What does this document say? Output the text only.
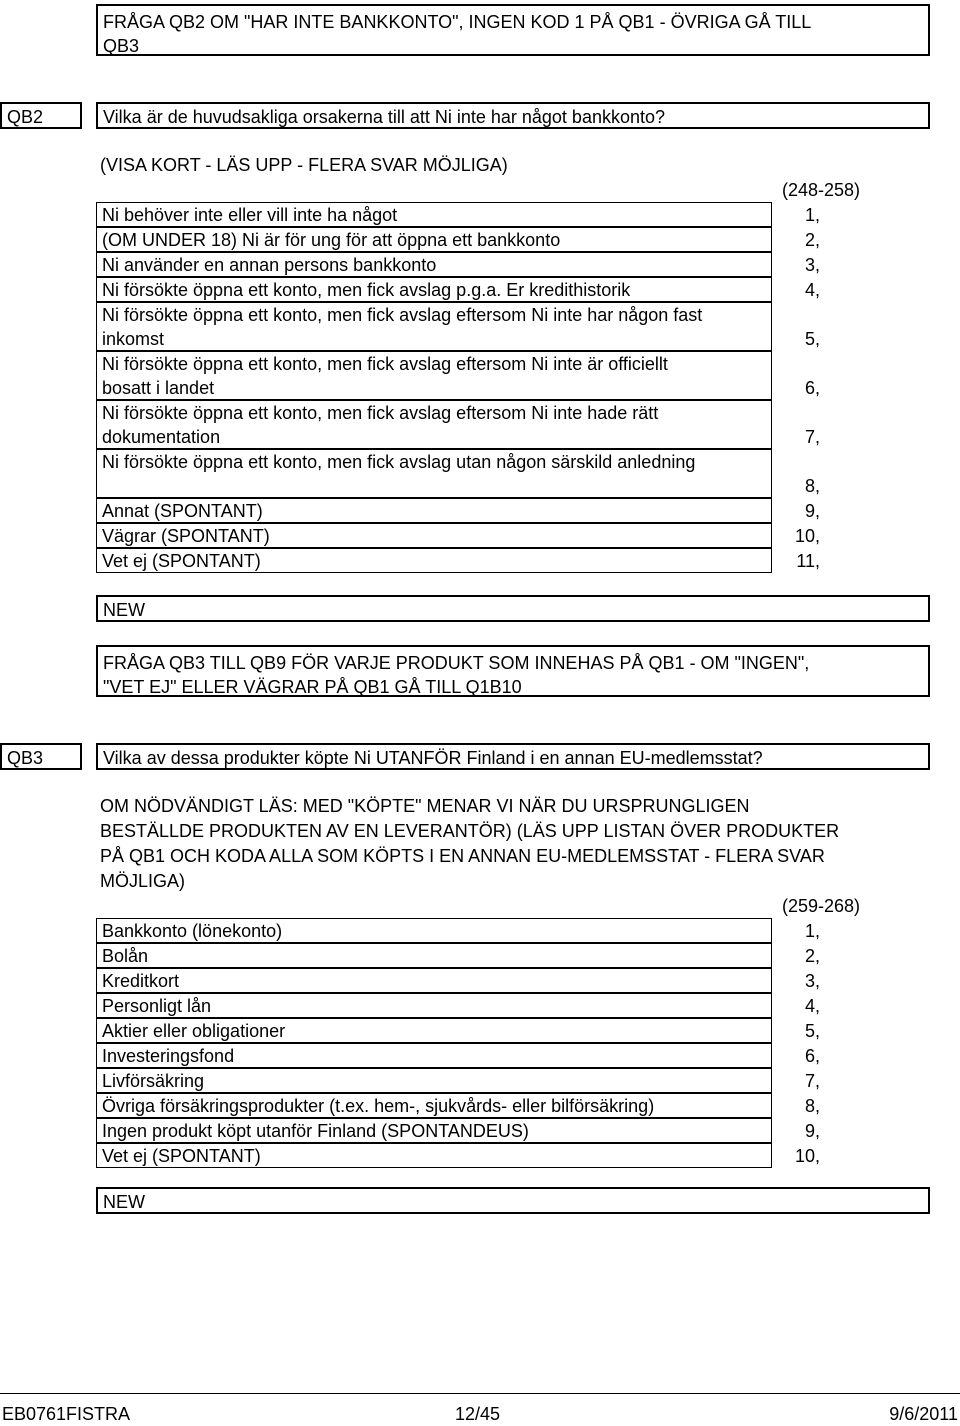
FRÅGA QB2 OM "HAR INTE BANKKONTO", INGEN KOD 1 PÅ QB1 - ÖVRIGA GÅ TILL
QB3
QB2	Vilka är de huvudsakliga orsakerna till att Ni inte har något bankkonto?
(VISA KORT - LÄS UPP - FLERA SVAR MÖJLIGA)
(248-258)
Ni behöver inte eller vill inte ha något	1,
(OM UNDER 18) Ni är för ung för att öppna ett bankkonto	2,
Ni använder en annan persons bankkonto	3,
Ni försökte öppna ett konto, men fick avslag p.g.a. Er kredithistorik	4,
Ni försökte öppna ett konto, men fick avslag eftersom Ni inte har någon fast
inkomst	5,
Ni försökte öppna ett konto, men fick avslag eftersom Ni inte är officiellt
bosatt i landet	6,
Ni försökte öppna ett konto, men fick avslag eftersom Ni inte hade rätt
dokumentation	7,
Ni försökte öppna ett konto, men fick avslag utan någon särskild anledning
8,
Annat (SPONTANT)	9,
Vägrar (SPONTANT)	10,
Vet ej (SPONTANT)	11,
NEW
FRÅGA QB3 TILL QB9 FÖR VARJE PRODUKT SOM INNEHAS PÅ QB1 - OM "INGEN",
"VET EJ" ELLER VÄGRAR PÅ QB1 GÅ TILL Q1B10
QB3	Vilka av dessa produkter köpte Ni UTANFÖR Finland i en annan EU-medlemsstat?
OM NÖDVÄNDIGT LÄS: MED "KÖPTE" MENAR VI NÄR DU URSPRUNGLIGEN
BESTÄLLDE PRODUKTEN AV EN LEVERANTÖR) (LÄS UPP LISTAN ÖVER PRODUKTER
PÅ QB1 OCH KODA ALLA SOM KÖPTS I EN ANNAN EU-MEDLEMSSTAT - FLERA SVAR
MÖJLIGA)
(259-268)
Bankkonto (lönekonto)	1,
Bolån	2,
Kreditkort	3,
Personligt lån	4,
Aktier eller obligationer	5,
Investeringsfond	6,
Livförsäkring	7,
Övriga försäkringsprodukter (t.ex. hem-, sjukvårds- eller bilförsäkring)	8,
Ingen produkt köpt utanför Finland (SPONTANDEUS)	9,
Vet ej (SPONTANT)	10,
NEW
EB0761FISTRA	12/45	9/6/2011
